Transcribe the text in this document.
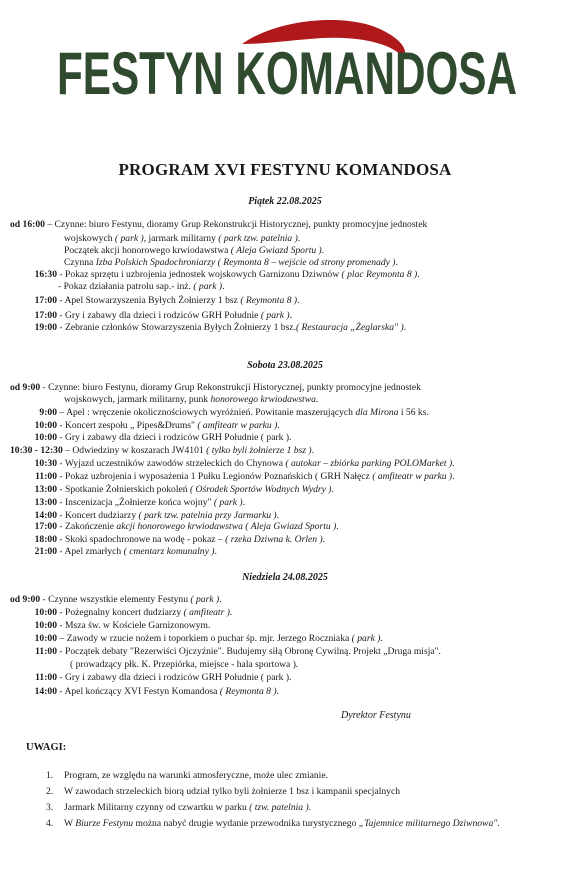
FESTYN KOMANDOSA
PROGRAM XVI FESTYNU KOMANDOSA
Piątek 22.08.2025
od 16:00 – Czynne: biuro Festynu, dioramy Grup Rekonstrukcji Historycznej, punkty promocyjne jednostek
wojskowych ( park ), jarmark militarny ( park tzw. patelnia ).
Początek akcji honorowego krwiodawstwa ( Aleja Gwiazd Sportu ).
Czynna Izba Polskich Spadochroniarzy ( Reymonta 8 – wejście od strony promenady ).
16:30 - Pokaz sprzętu i uzbrojenia jednostek wojskowych Garnizonu Dziwnów ( plac Reymonta 8 ).
- Pokaz działania patrolu sap.- inż. ( park ).
17:00 - Apel Stowarzyszenia Byłych Żołnierzy 1 bsz ( Reymonta 8 ).
17:00 - Gry i zabawy dla dzieci i rodziców GRH Południe ( park ).
19:00 - Zebranie członków Stowarzyszenia Byłych Żołnierzy 1 bsz.( Restauracja „Żeglarska" ).
Sobota 23.08.2025
od 9:00 - Czynne: biuro Festynu, dioramy Grup Rekonstrukcji Historycznej, punkty promocyjne jednostek
wojskowych, jarmark militarny, punk honorowego krwiodawstwa.
9:00 – Apel : wręczenie okolicznościowych wyróżnień. Powitanie maszerujących dla Mirona i 56 ks.
10:00 - Koncert zespołu „ Pipes&Drums" ( amfiteatr w parku ).
10:00 - Gry i zabawy dla dzieci i rodziców GRH Południe ( park ).
10:30 - 12:30 – Odwiedziny w koszarach JW4101 ( tylko byli żołnierze 1 bsz ).
10:30 - Wyjazd uczestników zawodów strzeleckich do Chynowa ( autokar – zbiórka parking POLOMarket ).
11:00 - Pokaz uzbrojenia i wyposażenia 1 Pułku Legionów Poznańskich ( GRH Nałęcz ( amfiteatr w parku ).
13:00 - Spotkanie Żołnierskich pokoleń ( Ośrodek Sportów Wodnych Wydry ).
13:00 - Inscenizacja „Żołnierze końca wojny" ( park ).
14:00 - Koncert dudziarzy ( park tzw. patelnia przy Jarmarku ).
17:00 - Zakończenie akcji honorowego krwiodawstwa ( Aleja Gwiazd Sportu ).
18:00 - Skoki spadochronowe na wodę - pokaz – ( rzeka Dziwna k. Orlen ).
21:00 - Apel zmarłych ( cmentarz komunalny ).
Niedziela 24.08.2025
od 9:00 - Czynne wszystkie elementy Festynu ( park ).
10:00 - Pożegnalny koncert dudziarzy ( amfiteatr ).
10:00 - Msza św. w Kościele Garnizonowym.
10:00 – Zawody w rzucie nożem i toporkiem o puchar śp. mjr. Jerzego Roczniaka ( park ).
11:00 - Początek debaty "Rezerwiści Ojczyźnie". Budujemy siłą Obronę Cywilną. Projekt „Druga misja".
( prowadzący płk. K. Przepiórka, miejsce - hala sportowa ).
11:00 - Gry i zabawy dla dzieci i rodziców GRH Południe ( park ).
14:00 - Apel kończący XVI Festyn Komandosa ( Reymonta 8 ).
Dyrektor Festynu
UWAGI:
1. Program, ze względu na warunki atmosferyczne, może ulec zmianie.
2. W zawodach strzeleckich biorą udział tylko byli żołnierze 1 bsz i kampanii specjalnych
3. Jarmark Militarny czynny od czwartku w parku ( tzw. patelnia ).
4. W Biurze Festynu można nabyć drugie wydanie przewodnika turystycznego „Tajemnice militarnego Dziwnowa".
